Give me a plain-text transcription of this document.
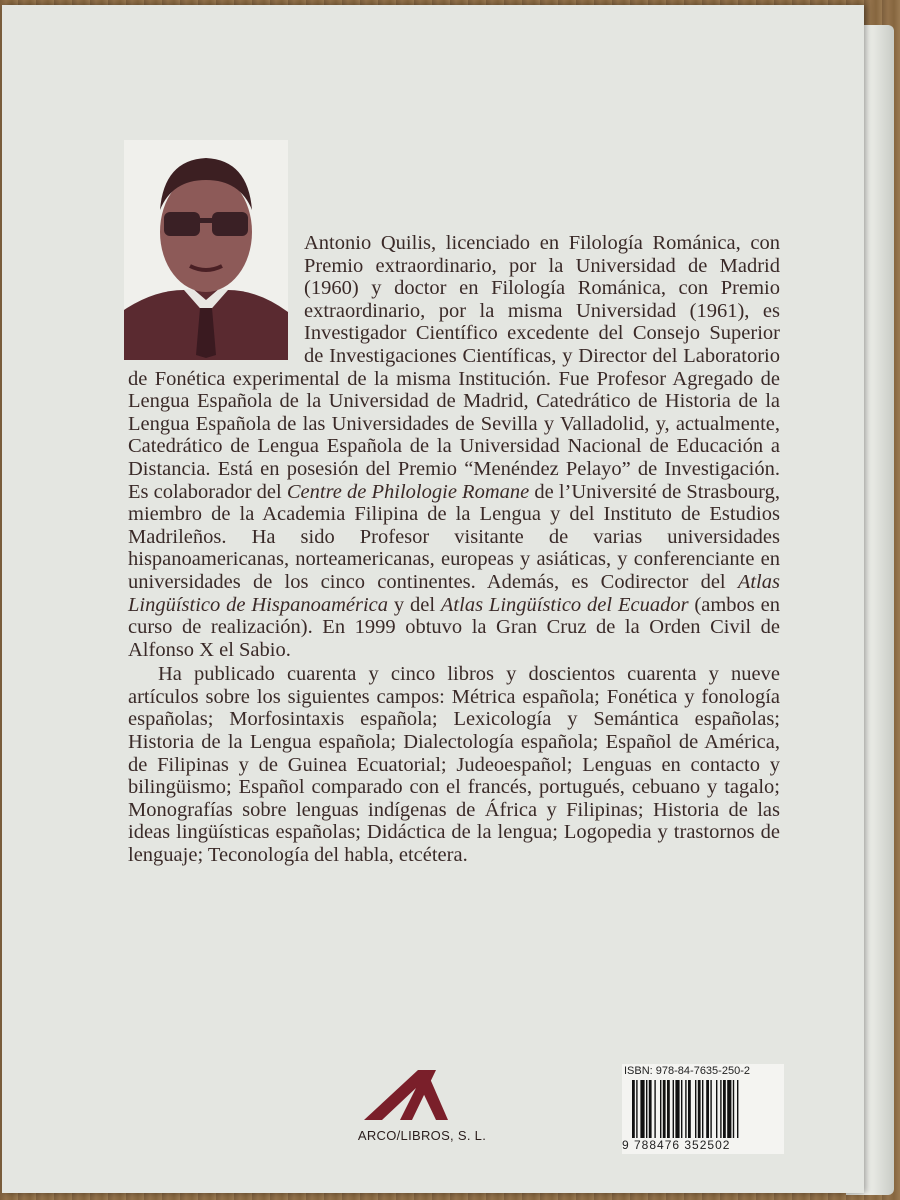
Antonio Quilis, licenciado en Filología Románica, con Premio extraordinario, por la Universidad de Madrid (1960) y doctor en Filología Románica, con Premio extraordinario, por la misma Universidad (1961), es Investigador Científico excedente del Consejo Superior de Investigaciones Científicas, y Director del Laboratorio de Fonética experimental de la misma Institución. Fue Profesor Agregado de Lengua Española de la Universidad de Madrid, Catedrático de Historia de la Lengua Española de las Universidades de Sevilla y Valladolid, y, actualmente, Catedrático de Lengua Española de la Universidad Nacional de Educación a Distancia. Está en posesión del Premio “Menéndez Pelayo” de Investigación. Es colaborador del Centre de Philologie Romane de l’Université de Strasbourg, miembro de la Academia Filipina de la Lengua y del Instituto de Estudios Madrileños. Ha sido Profesor visitante de varias universidades hispanoamericanas, norteamericanas, europeas y asiáticas, y conferenciante en universidades de los cinco continentes. Además, es Codirector del Atlas Lingüístico de Hispanoamérica y del Atlas Lingüístico del Ecuador (ambos en curso de realización). En 1999 obtuvo la Gran Cruz de la Orden Civil de Alfonso X el Sabio.

Ha publicado cuarenta y cinco libros y doscientos cuarenta y nueve artículos sobre los siguientes campos: Métrica española; Fonética y fonología españolas; Morfosintaxis española; Lexicología y Semántica españolas; Historia de la Lengua española; Dialectología española; Español de América, de Filipinas y de Guinea Ecuatorial; Judeoespañol; Lenguas en contacto y bilingüismo; Español comparado con el francés, portugués, cebuano y tagalo; Monografías sobre lenguas indígenas de África y Filipinas; Historia de las ideas lingüísticas españolas; Didáctica de la lengua; Logopedia y trastornos de lenguaje; Teconología del habla, etcétera.

ARCO/LIBROS, S. L.
ISBN: 978-84-7635-250-2
9 788476 352502
